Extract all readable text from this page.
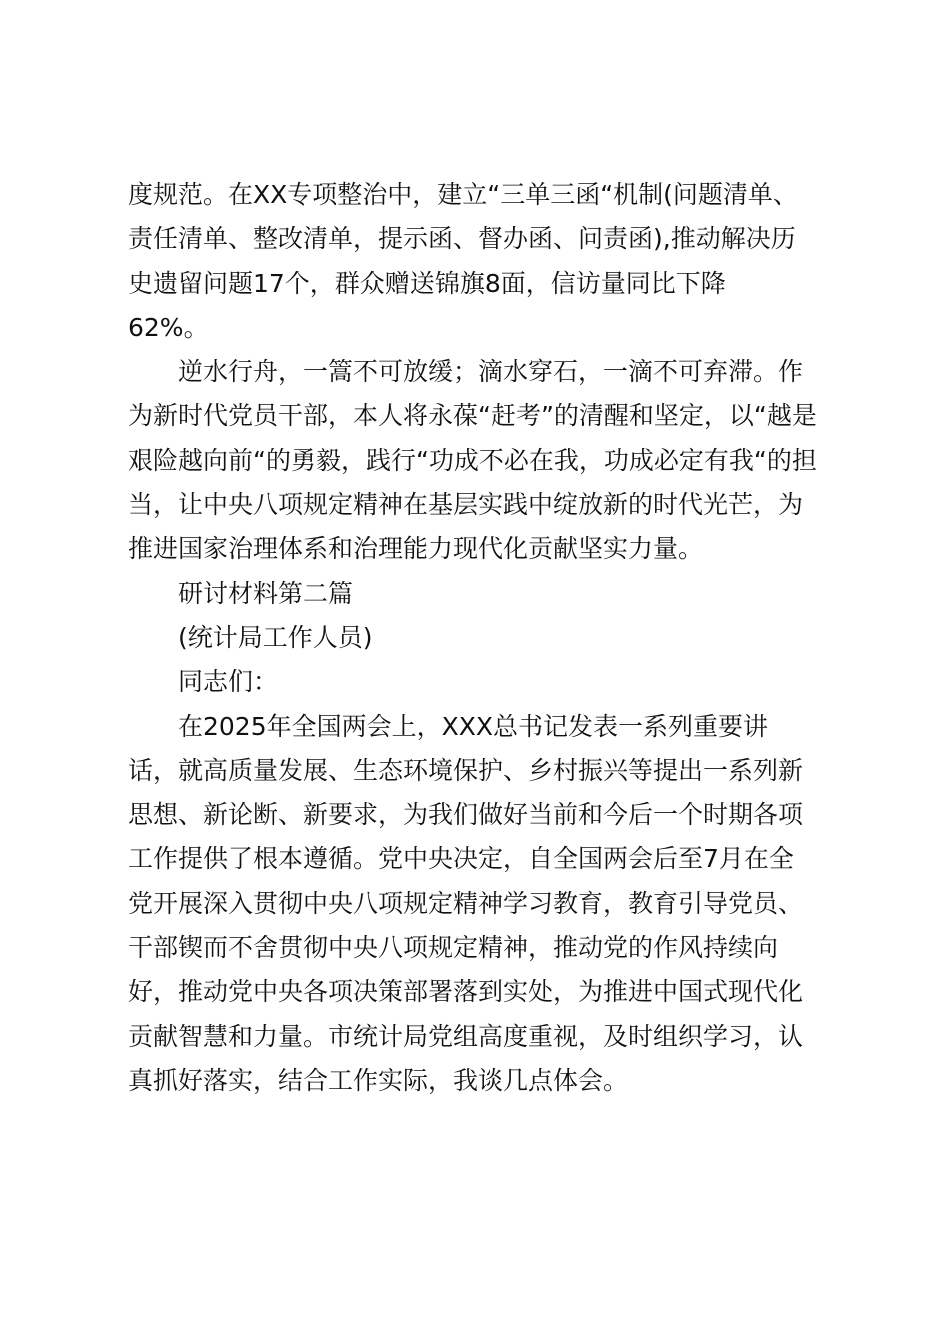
度规范。在XX专项整治中，建立“三单三函“机制(问题清单、
责任清单、整改清单，提示函、督办函、问责函),推动解决历
史遗留问题17个，群众赠送锦旗8面，信访量同比下降
62%。
逆水行舟，一篙不可放缓；滴水穿石，一滴不可弃滞。作
为新时代党员干部，本人将永葆“赶考”的清醒和坚定，以“越是
艰险越向前“的勇毅，践行“功成不必在我，功成必定有我“的担
当，让中央八项规定精神在基层实践中绽放新的时代光芒，为
推进国家治理体系和治理能力现代化贡献坚实力量。
研讨材料第二篇
(统计局工作人员)
同志们：
在2025年全国两会上，XXX总书记发表一系列重要讲
话，就高质量发展、生态环境保护、乡村振兴等提出一系列新
思想、新论断、新要求，为我们做好当前和今后一个时期各项
工作提供了根本遵循。党中央决定，自全国两会后至7月在全
党开展深入贯彻中央八项规定精神学习教育，教育引导党员、
干部锲而不舍贯彻中央八项规定精神，推动党的作风持续向
好，推动党中央各项决策部署落到实处，为推进中国式现代化
贡献智慧和力量。市统计局党组高度重视，及时组织学习，认
真抓好落实，结合工作实际，我谈几点体会。
